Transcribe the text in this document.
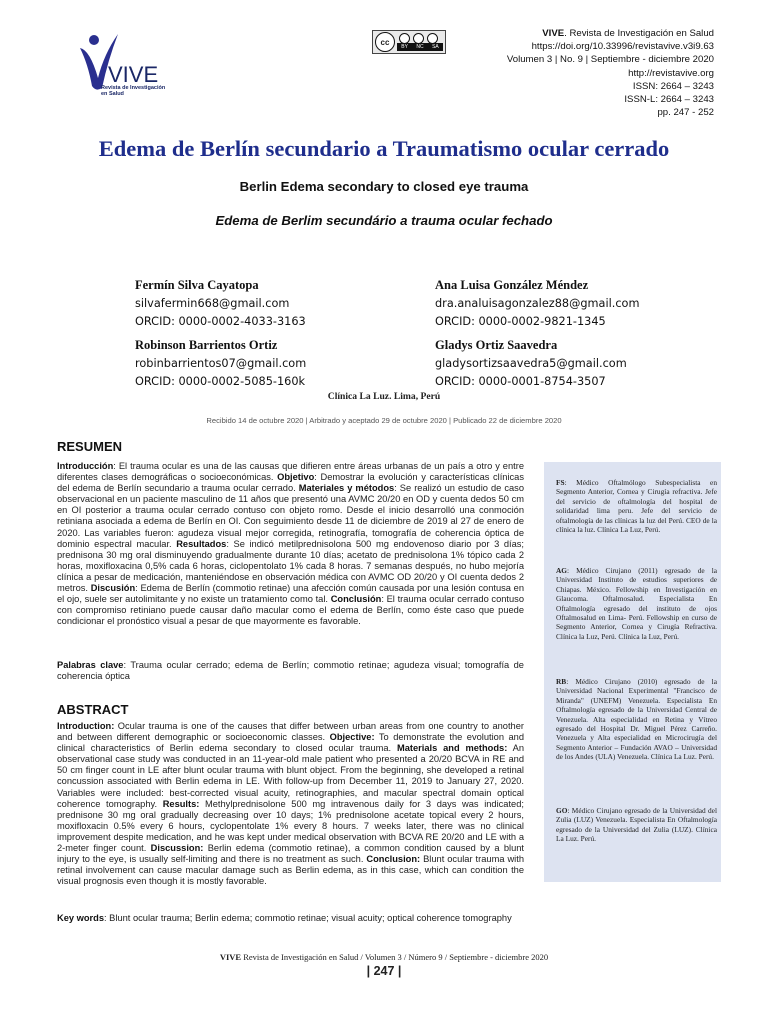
VIVE
Revista de Investigación en Salud
cc
BY NC SA
VIVE. Revista de Investigación en Salud
https://doi.org/10.33996/revistavive.v3i9.63
Volumen 3 | No. 9 | Septiembre - diciembre 2020
http://revistavive.org
ISSN: 2664 – 3243
ISSN-L: 2664 – 3243
pp. 247 - 252
Edema de Berlín secundario a Traumatismo ocular cerrado
Berlin Edema secondary to closed eye trauma
Edema de Berlim secundário a trauma ocular fechado
Fermín Silva Cayatopa
silvafermin668@gmail.com
ORCID: 0000-0002-4033-3163
Ana Luisa González Méndez
dra.analuisagonzalez88@gmail.com
ORCID: 0000-0002-9821-1345
Robinson Barrientos Ortiz
robinbarrientos07@gmail.com
ORCID: 0000-0002-5085-160k
Gladys Ortiz Saavedra
gladysortizsaavedra5@gmail.com
ORCID: 0000-0001-8754-3507
Clínica La Luz. Lima, Perú
Recibido 14 de octubre 2020 | Arbitrado y aceptado 29 de octubre 2020 | Publicado 22 de diciembre 2020
RESUMEN
Introducción: El trauma ocular es una de las causas que difieren entre áreas urbanas de un país a otro y entre diferentes clases demográficas o socioeconómicas. Objetivo: Demostrar la evolución y características clínicas del edema de Berlín secundario a trauma ocular cerrado. Materiales y métodos: Se realizó un estudio de caso observacional en un paciente masculino de 11 años que presentó una AVMC 20/20 en OD y cuenta dedos 50 cm en OI posterior a trauma ocular cerrado contuso con objeto romo. Desde el inicio desarrolló una conmoción retiniana asociada a edema de Berlín en OI. Con seguimiento desde 11 de diciembre de 2019 al 27 de enero de 2020. Las variables fueron: agudeza visual mejor corregida, retinografía, tomografía de coherencia óptica de dominio espectral macular. Resultados: Se indicó metilprednisolona 500 mg endovenoso diario por 3 días; prednisona 30 mg oral disminuyendo gradualmente durante 10 días; acetato de prednisolona 1% tópico cada 2 horas, moxifloxacina 0,5% cada 6 horas, ciclopentolato 1% cada 8 horas. 7 semanas después, no hubo mejoría clínica a pesar de medicación, manteniéndose en observación médica con AVMC OD 20/20 y OI cuenta dedos 2 metros. Discusión: Edema de Berlín (commotio retinae) una afección común causada por una lesión contusa en el ojo, suele ser autolimitante y no existe un tratamiento como tal. Conclusión: El trauma ocular cerrado contuso con compromiso retiniano puede causar daño macular como el edema de Berlín, como éste caso que puede condicionar el pronóstico visual a pesar de que mayormente es favorable.
Palabras clave: Trauma ocular cerrado; edema de Berlín; commotio retinae; agudeza visual; tomografía de coherencia óptica
ABSTRACT
Introduction: Ocular trauma is one of the causes that differ between urban areas from one country to another and between different demographic or socioeconomic classes. Objective: To demonstrate the evolution and clinical characteristics of Berlin edema secondary to closed ocular trauma. Materials and methods: An observational case study was conducted in an 11-year-old male patient who presented a 20/20 BCVA in RE and 50 cm finger count in LE after blunt ocular trauma with blunt object. From the beginning, she developed a retinal concussion associated with Berlin edema in LE. With follow-up from December 11, 2019 to January 27, 2020. Variables were included: best-corrected visual acuity, retinographies, and macular spectral domain optical coherence tomography. Results: Methylprednisolone 500 mg intravenous daily for 3 days was indicated; prednisone 30 mg oral gradually decreasing over 10 days; 1% prednisolone acetate topical every 2 hours, moxifloxacin 0.5% every 6 hours, cyclopentolate 1% every 8 hours. 7 weeks later, there was no clinical improvement despite medication, and he was kept under medical observation with BCVA RE 20/20 and LE with a 2-meter finger count. Discussion: Berlin edema (commotio retinae), a common condition caused by a blunt injury to the eye, is usually self-limiting and there is no treatment as such. Conclusion: Blunt ocular trauma with retinal involvement can cause macular damage such as Berlin edema, as in this case, which can condition the visual prognosis even though it is mostly favorable.
Key words: Blunt ocular trauma; Berlin edema; commotio retinae; visual acuity; optical coherence tomography
FS: Médico Oftalmólogo Subespecialista en Segmento Anterior, Cornea y Cirugía refractiva. Jefe del servicio de oftalmología del hospital de solidaridad lima peru. Jefe del servicio de oftalmología de las clínicas la luz del Perú. CEO de la clínica la luz. Clínica La Luz, Perú.
AG: Médico Cirujano (2011) egresado de la Universidad Instituto de estudios superiores de Chiapas. México. Fellowship en Investigación en Glaucoma. Oftalmosalud. Especialista En Oftalmología egresado del instituto de ojos Oftalmosalud en Lima- Perú. Fellowship en curso de Segmento Anterior, Cornea y Cirugía Refractiva. Clínica la Luz, Perú. Clínica la Luz, Perú.
RB: Médico Cirujano (2010) egresado de la Universidad Nacional Experimental "Francisco de Miranda" (UNEFM) Venezuela. Especialista En Oftalmología egresado de la Universidad Central de Venezuela. Alta especialidad en Retina y Vítreo egresado del Hospital Dr. Miguel Pérez Carreño. Venezuela y Alta especialidad en Microcirugía del Segmento Anterior – Fundación AVAO – Universidad de los Andes (ULA) Venezuela. Clínica La Luz. Perú.
GO: Médico Cirujano egresado de la Universidad del Zulia (LUZ) Venezuela. Especialista En Oftalmología egresado de la Universidad del Zulia (LUZ). Clínica La Luz. Perú.
VIVE Revista de Investigación en Salud / Volumen 3 / Número 9 / Septiembre - diciembre 2020
| 247 |
